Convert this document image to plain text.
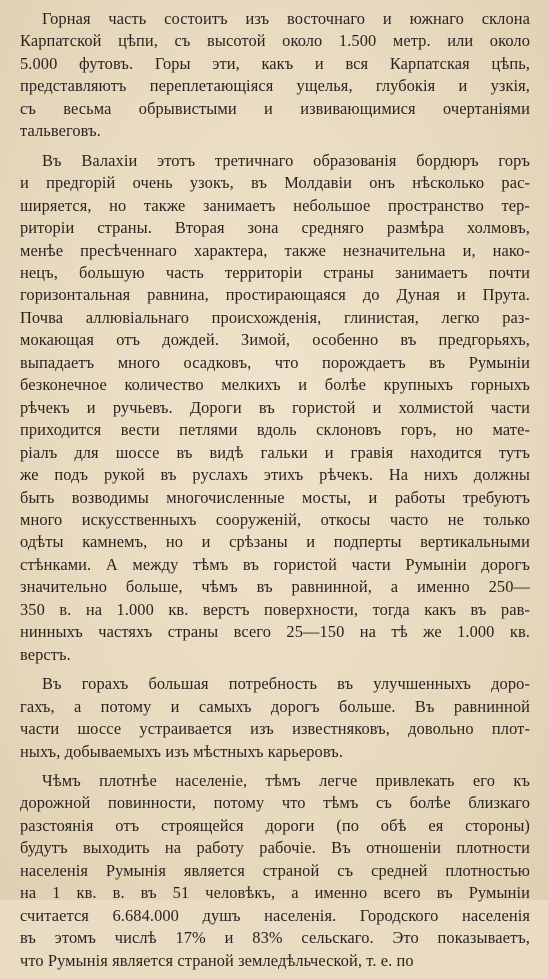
Горная часть состоитъ изъ восточнаго и южнаго склона
Карпатской цѣпи, съ высотой около 1.500 метр. или около
5.000 футовъ. Горы эти, какъ и вся Карпатская цѣпь,
представляютъ переплетающіяся ущелья, глубокія и узкія,
съ весьма обрывистыми и извивающимися очертаніями
тальвеговъ.
Въ Валахіи этотъ третичнаго образованія бордюръ горъ
и предгорій очень узокъ, въ Молдавіи онъ нѣсколько рас-
ширяется, но также занимаетъ небольшое пространство тер-
риторіи страны. Вторая зона средняго размѣра холмовъ,
менѣе пресѣченнаго характера, также незначительна и, нако-
нецъ, большую часть территоріи страны занимаетъ почти
горизонтальная равнина, простирающаяся до Дуная и Прута.
Почва аллювіальнаго происхожденія, глинистая, легко раз-
мокающая отъ дождей. Зимой, особенно въ предгорьяхъ,
выпадаетъ много осадковъ, что порождаетъ въ Румыніи
безконечное количество мелкихъ и болѣе крупныхъ горныхъ
рѣчекъ и ручьевъ. Дороги въ гористой и холмистой части
приходится вести петлями вдоль склоновъ горъ, но мате-
ріалъ для шоссе въ видѣ гальки и гравія находится тутъ
же подъ рукой въ руслахъ этихъ рѣчекъ. На нихъ должны
быть возводимы многочисленные мосты, и работы требуютъ
много искусственныхъ сооруженій, откосы часто не только
одѣты камнемъ, но и срѣзаны и подперты вертикальными
стѣнками. А между тѣмъ въ гористой части Румыніи дорогъ
значительно больше, чѣмъ въ равнинной, а именно 250—
350 в. на 1.000 кв. верстъ поверхности, тогда какъ въ рав-
нинныхъ частяхъ страны всего 25—150 на тѣ же 1.000 кв.
верстъ.
Въ горахъ большая потребность въ улучшенныхъ доро-
гахъ, а потому и самыхъ дорогъ больше. Въ равнинной
части шоссе устраивается изъ известняковъ, довольно плот-
ныхъ, добываемыхъ изъ мѣстныхъ карьеровъ.
Чѣмъ плотнѣе населеніе, тѣмъ легче привлекать его къ
дорожной повинности, потому что тѣмъ съ болѣе близкаго
разстоянія отъ строящейся дороги (по обѣ ея стороны)
будутъ выходить на работу рабочіе. Въ отношеніи плотности
населенія Румынія является страной съ средней плотностью
на 1 кв. в. въ 51 человѣкъ, а именно всего въ Румыніи
считается 6.684.000 душъ населенія. Городского населенія
въ этомъ числѣ 17% и 83% сельскаго. Это показываетъ,
что Румынія является страной земледѣльческой, т. е. по
